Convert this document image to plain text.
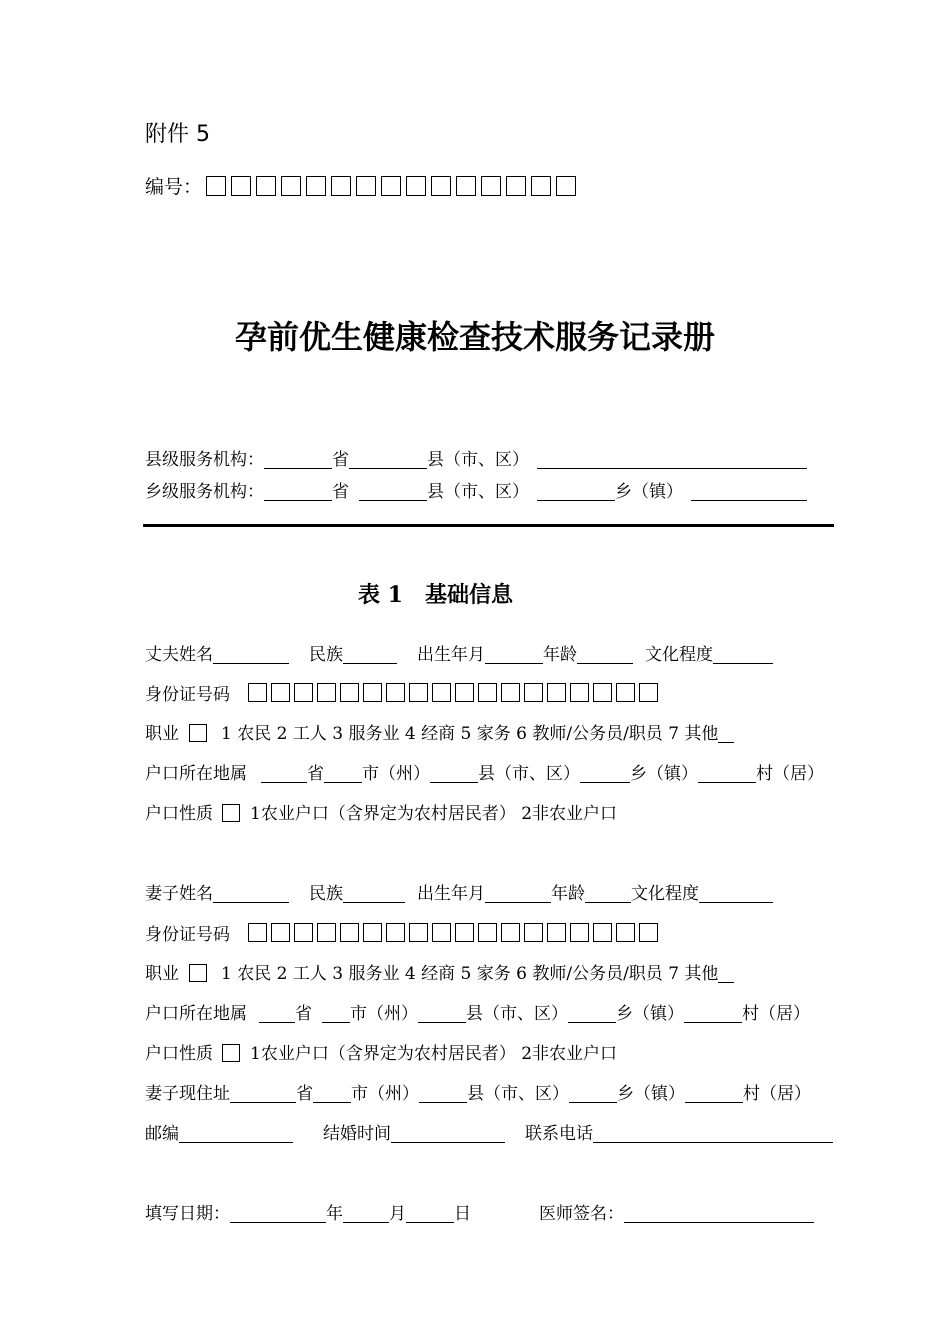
附件 5
编号：
孕前优生健康检查技术服务记录册
县级服务机构：	省	县（市、区）
乡级服务机构：	省	县（市、区）	乡（镇）
表 1　基础信息
丈夫姓名	民族	出生年月	年龄	文化程度
身份证号码
职业 1 农民 2 工人 3 服务业 4 经商 5 家务 6 教师/公务员/职员 7 其他
户口所在地属	省 市（州）	县（市、区）	乡（镇）	村（居）
户口性质 1农业户口（含界定为农村居民者） 2非农业户口
妻子姓名	民族	出生年月	年龄	文化程度
身份证号码
职业 1 农民 2 工人 3 服务业 4 经商 5 家务 6 教师/公务员/职员 7 其他
户口所在地属	省 市（州）	县（市、区）	乡（镇）	村（居）
户口性质 1农业户口（含界定为农村居民者） 2非农业户口
妻子现住址	省 市（州）	县（市、区）	乡（镇）	村（居）
邮编	结婚时间	联系电话
填写日期：	年	月	日	医师签名：
